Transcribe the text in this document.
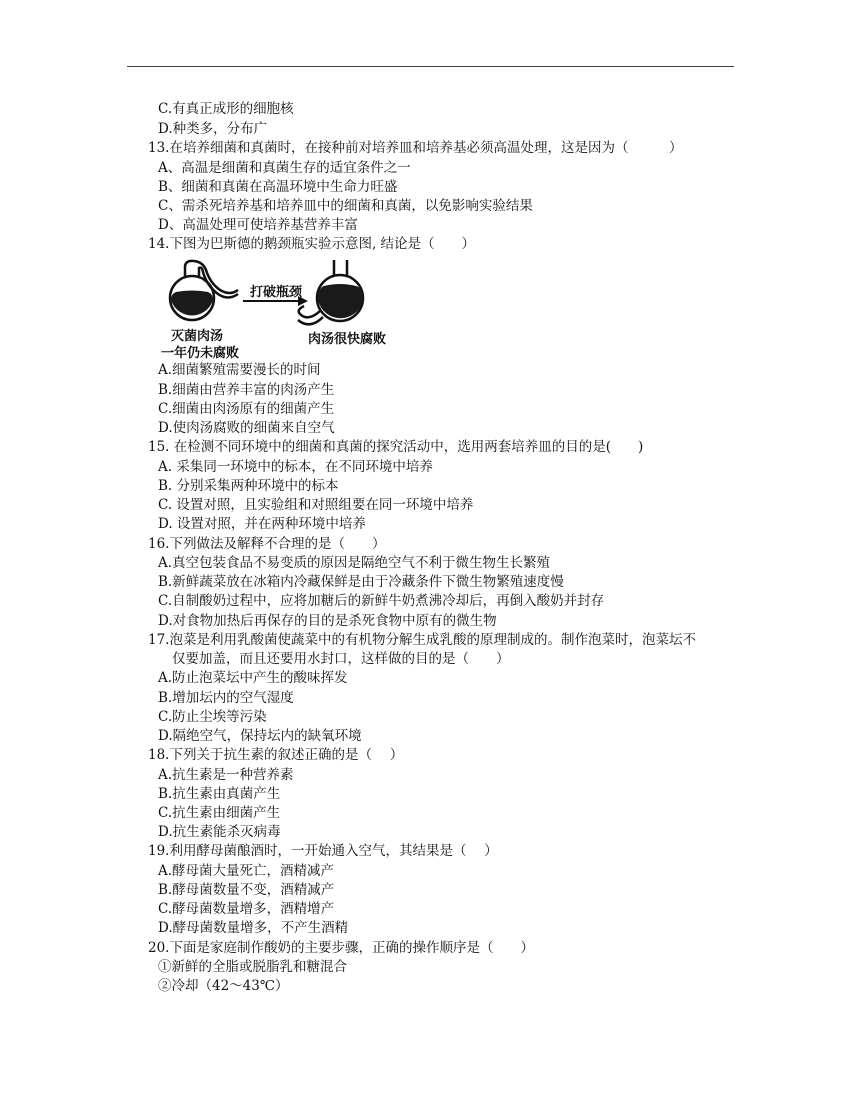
C.有真正成形的细胞核
D.种类多，分布广
13.在培养细菌和真菌时，在接种前对培养皿和培养基必须高温处理，这是因为（　　　）
A、高温是细菌和真菌生存的适宜条件之一
B、细菌和真菌在高温环境中生命力旺盛
C、需杀死培养基和培养皿中的细菌和真菌，以免影响实验结果
D、高温处理可使培养基营养丰富
14.下图为巴斯德的鹅颈瓶实验示意图, 结论是（　　）
打破瓶颈
灭菌肉汤
一年仍未腐败
肉汤很快腐败
A.细菌繁殖需要漫长的时间
B.细菌由营养丰富的肉汤产生
C.细菌由肉汤原有的细菌产生
D.使肉汤腐败的细菌来自空气
15. 在检测不同环境中的细菌和真菌的探究活动中，选用两套培养皿的目的是(　　)
A. 采集同一环境中的标本，在不同环境中培养
B. 分别采集两种环境中的标本
C. 设置对照，且实验组和对照组要在同一环境中培养
D. 设置对照，并在两种环境中培养
16.下列做法及解释不合理的是（　　）
A.真空包装食品不易变质的原因是隔绝空气不利于微生物生长繁殖
B.新鲜蔬菜放在冰箱内冷藏保鲜是由于冷藏条件下微生物繁殖速度慢
C.自制酸奶过程中，应将加糖后的新鲜牛奶煮沸冷却后，再倒入酸奶并封存
D.对食物加热后再保存的目的是杀死食物中原有的微生物
17.泡菜是利用乳酸菌使蔬菜中的有机物分解生成乳酸的原理制成的。制作泡菜时，泡菜坛不
仅要加盖，而且还要用水封口，这样做的目的是（　　）
A.防止泡菜坛中产生的酸味挥发
B.增加坛内的空气湿度
C.防止尘埃等污染
D.隔绝空气，保持坛内的缺氧环境
18.下列关于抗生素的叙述正确的是（　 ）
A.抗生素是一种营养素
B.抗生素由真菌产生
C.抗生素由细菌产生
D.抗生素能杀灭病毒
19.利用酵母菌酿酒时，一开始通入空气，其结果是（　 ）
A.酵母菌大量死亡，酒精减产
B.酵母菌数量不变，酒精减产
C.酵母菌数量增多，酒精增产
D.酵母菌数量增多，不产生酒精
20.下面是家庭制作酸奶的主要步骤，正确的操作顺序是（　　）
①新鲜的全脂或脱脂乳和糖混合
②冷却（42～43℃）
